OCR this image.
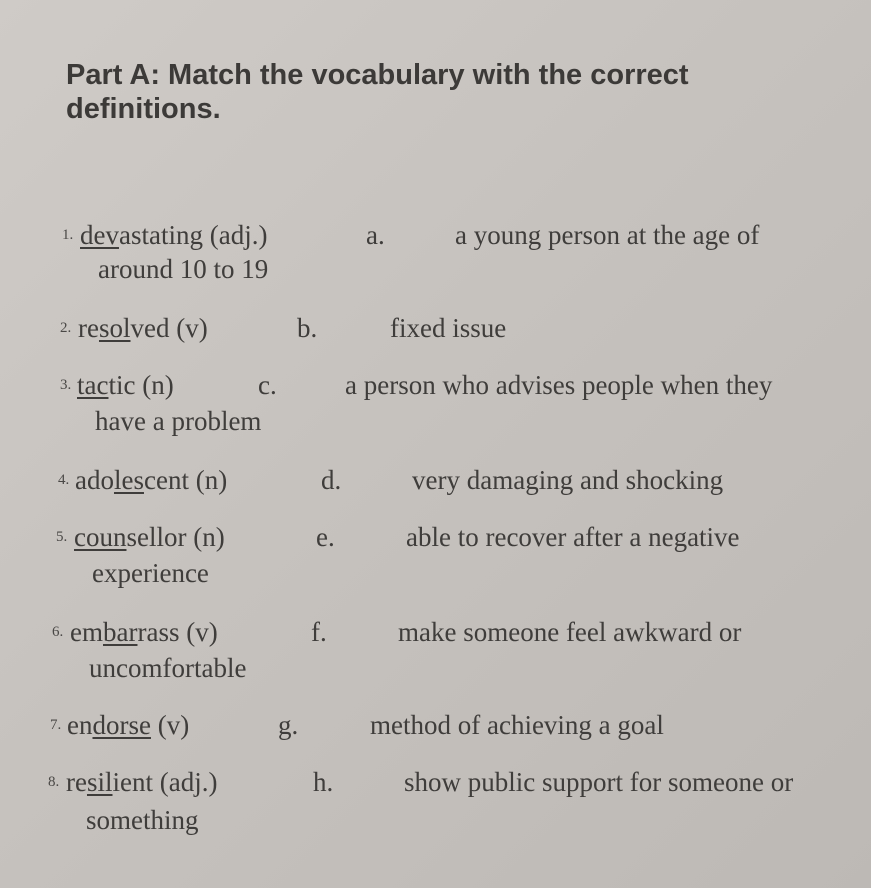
Part A: Match the vocabulary with the correct definitions.
1. devastating (adj.)	a.	a young person at the age of
around 10 to 19
2. resolved (v)	b.	fixed issue
3. tactic (n)	c.	a person who advises people when they
have a problem
4. adolescent (n)	d.	very damaging and shocking
5. counsellor (n)	e.	able to recover after a negative
experience
6. embarrass (v)	f.	make someone feel awkward or
uncomfortable
7. endorse (v)	g.	method of achieving a goal
8. resilient (adj.)	h.	show public support for someone or
something
